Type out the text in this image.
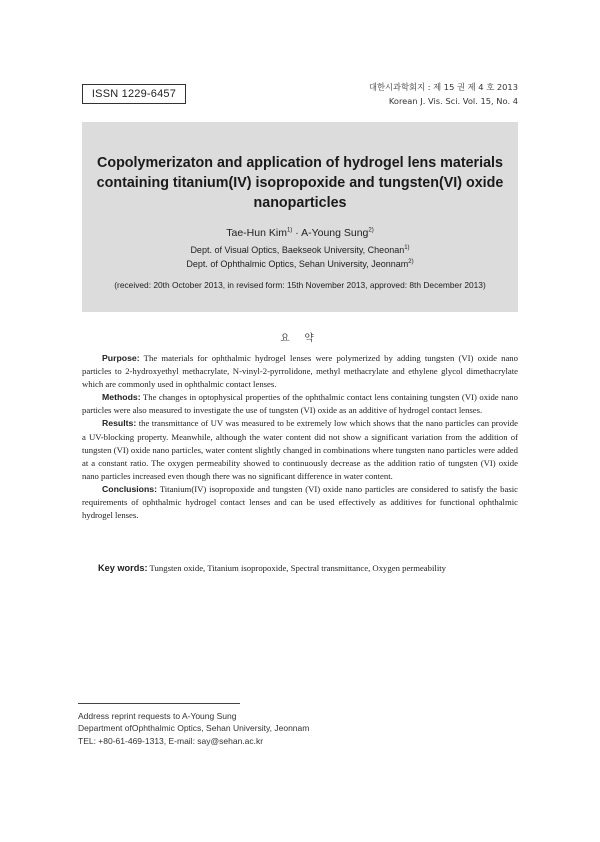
ISSN 1229-6457
대한시과학회지 : 제 15 권 제 4 호 2013
Korean J. Vis. Sci. Vol. 15, No. 4
Copolymerizaton and application of hydrogel lens materials containing titanium(IV) isopropoxide and tungsten(VI) oxide nanoparticles
Tae-Hun Kim$^{1)}$ · A-Young Sung$^{2)}$
Dept. of Visual Optics, Baekseok University, Cheonan$^{1)}$
Dept. of Ophthalmic Optics, Sehan University, Jeonnam$^{2)}$
(received: 20th October 2013, in revised form: 15th November 2013, approved: 8th December 2013)
요 약

Purpose: The materials for ophthalmic hydrogel lenses were polymerized by adding tungsten (VI) oxide nano particles to 2-hydroxyethyl methacrylate, N-vinyl-2-pyrrolidone, methyl methacrylate and ethylene glycol dimethacrylate which are commonly used in ophthalmic contact lenses.

Methods: The changes in optophysical properties of the ophthalmic contact lens containing tungsten (VI) oxide nano particles were also measured to investigate the use of tungsten (VI) oxide as an additive of hydrogel contact lenses.

Results: the transmittance of UV was measured to be extremely low which shows that the nano particles can provide a UV-blocking property. Meanwhile, although the water content did not show a significant variation from the addition of tungsten (VI) oxide nano particles, water content slightly changed in combinations where tungsten nano particles were added at a constant ratio. The oxygen permeability showed to continuously decrease as the addition ratio of tungsten (VI) oxide nano particles increased even though there was no significant difference in water content.

Conclusions: Titanium(IV) isopropoxide and tungsten (VI) oxide nano particles are considered to satisfy the basic requirements of ophthalmic hydrogel contact lenses and can be used effectively as additives for functional ophthalmic hydrogel lenses.

Key words: Tungsten oxide, Titanium isopropoxide, Spectral transmittance, Oxygen permeability
Address reprint requests to A-Young Sung
Department ofOphthalmic Optics, Sehan University, Jeonnam
TEL: +80-61-469-1313, E-mail: say@sehan.ac.kr
